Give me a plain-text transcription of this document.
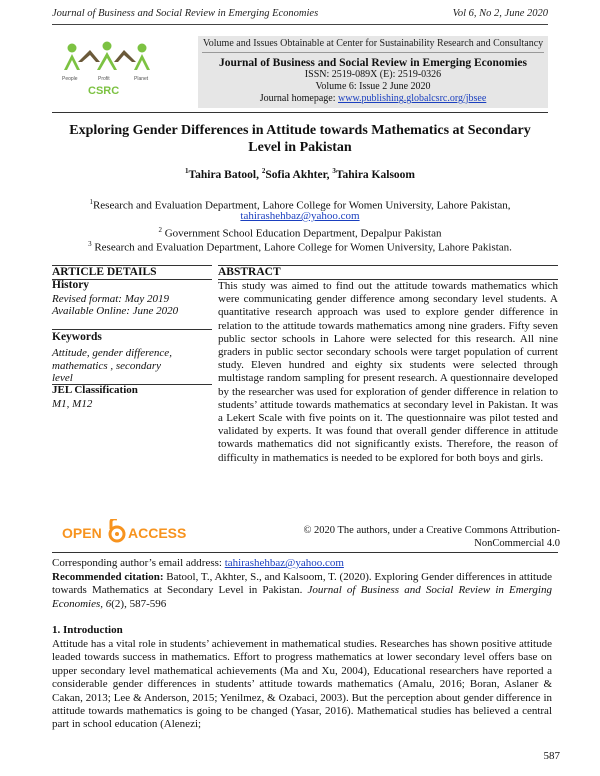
Journal of Business and Social Review in Emerging Economies	Vol 6, No 2, June 2020
People	Profit	Planet
CSRC
Volume and Issues Obtainable at Center for Sustainability Research and Consultancy
Journal of Business and Social Review in Emerging Economies
ISSN: 2519-089X (E): 2519-0326
Volume 6: Issue 2 June 2020
Journal homepage: www.publishing.globalcsrc.org/jbsee
Exploring Gender Differences in Attitude towards Mathematics at Secondary Level in Pakistan
$^1$Tahira Batool, $^2$Sofia Akhter, $^3$Tahira Kalsoom
$^1$Research and Evaluation Department, Lahore College for Women University, Lahore Pakistan,
tahirashehbaz@yahoo.com
$^2$ Government School Education Department, Depalpur Pakistan
$^3$ Research and Evaluation Department, Lahore College for Women University, Lahore Pakistan.
ARTICLE DETAILS
History
Revised format: May 2019
Available Online: June 2020
Keywords
Attitude, gender difference,
mathematics , secondary
level
JEL Classification
M1, M12
ABSTRACT
This study was aimed to find out the attitude towards mathematics which were communicating gender difference among secondary level students. A quantitative research approach was used to explore gender difference in relation to the attitude towards mathematics among nine graders. Fifty seven public sector schools in Lahore were selected for this research. All nine graders in public sector secondary schools were target population of current study. Eleven hundred and eighty six students were selected through multistage random sampling for present research. A questionnaire developed by the researcher was used for exploration of gender difference in relation to students’ attitude towards mathematics at secondary level in Pakistan. It was a Lekert Scale with five points on it. The questionnaire was pilot tested and validated by experts. It was found that overall gender difference in attitude towards mathematics did not significantly exists. Therefore, the reason of difficulty in mathematics is needed to be explored for both boys and girls.
OPEN ACCESS	© 2020 The authors, under a Creative Commons Attribution-
NonCommercial 4.0
Corresponding author’s email address: tahirashehbaz@yahoo.com
Recommended citation: Batool, T., Akhter, S., and Kalsoom, T. (2020). Exploring Gender differences in attitude towards Mathematics at Secondary Level in Pakistan. Journal of Business and Social Review in Emerging Economies, 6(2), 587-596
1. Introduction
Attitude has a vital role in students’ achievement in mathematical studies. Researches has shown positive attitude leaded towards success in mathematics. Effort to progress mathematics at lower secondary level offers base on upper secondary level mathematical achievements (Ma and Xu, 2004), Educational researchers have reported a considerable gender differences in students’ attitude towards mathematics (Amalu, 2016; Boran, Aslaner & Cakan, 2013; Lee & Anderson, 2015; Yenilmez, & Ozabaci, 2003). But the perception about gender difference in attitude towards mathematics is going to be changed (Yasar, 2016). Mathematical studies has believed a central part in school education (Alenezi;
587
